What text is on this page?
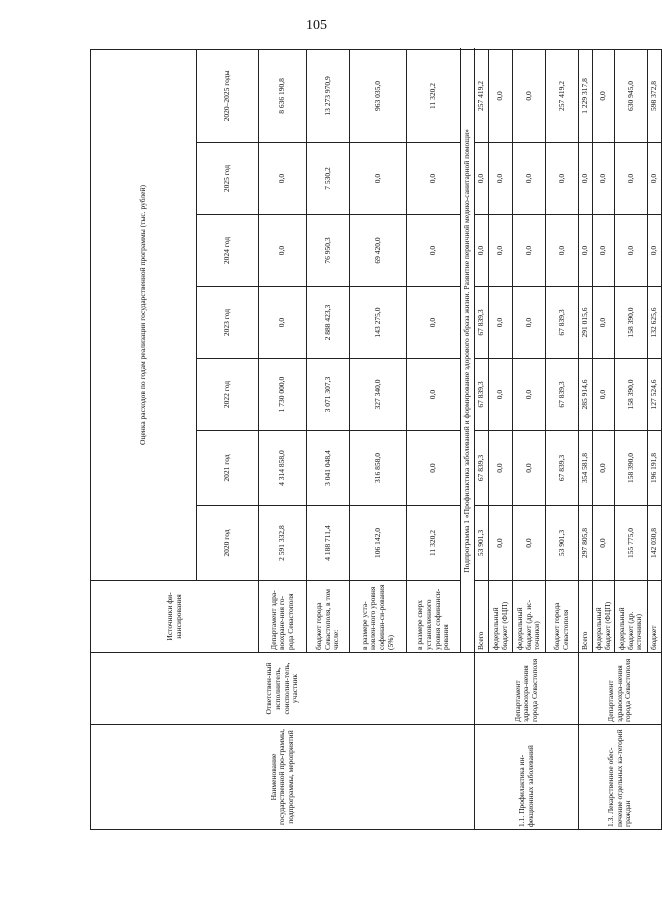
105
Наименование государственной про-граммы, подпрограммы, мероприятий	Ответствен-ный исполнитель, соисполни-тель, участник	Источники фи-нансирования	Оценка расходов по годам реализации государственной программы (тыс. рублей)						
			2020 год	2021 год	2022 год	2023 год	2024 год	2025 год	2020–2025 годы
		Департамент здра-воохране-ния го-рода Севастополя	2 591 332,8	4 314 858,0	1 730 000,0	0,0	0,0	0,0	8 636 190,8
		бюджет города Севастополя, в том числе:	4 188 711,4	3 041 048,4	3 071 307,3	2 888 423,3	76 950,3	7 530,2	13 273 970,9
		в размере уста-новлен-ного уровня софинан-си-рования (5%)	106 142,0	316 858,0	327 340,0	143 275,0	69 420,0	0,0	963 035,0
		в размере сверх установленного уровня софинанси-рования	11 320,2	0,0	0,0	0,0	0,0	0,0	11 320,2
		Подпрограмма 1 «Профилактика заболеваний и формирование здорового образа жизни. Развитие первичной медико-санитарной помощи»							
1.1. Профилактика ин-фекционных заболеваний	Департамент здравоохра-нения города Севастополя	Всего	53 901,3	67 839,3	67 839,3	67 839,3	0,0	0,0	257 419,2
		федеральный бюджет (ФЦП)	0,0	0,0	0,0	0,0	0,0	0,0	0,0
		федеральный бюджет (др. ис-точники)	0,0	0,0	0,0	0,0	0,0	0,0	0,0
		бюджет города Севастополя	53 901,3	67 839,3	67 839,3	67 839,3	0,0	0,0	257 419,2
1.3. Лекарственное обес-печение отдельных ка-тегорий граждан	Департамент здравоохра-нения города Севастополя	Всего	297 805,8	354 581,8	285 914,6	291 015,6	0,0	0,0	1 229 317,8
		федеральный бюджет (ФЦП)	0,0	0,0	0,0	0,0	0,0	0,0	0,0
		федеральный бюджет (др. источники)	155 775,0	158 390,0	158 390,0	158 390,0	0,0	0,0	630 945,0
		бюджет	142 030,8	196 191,8	127 524,6	132 625,6	0,0	0,0	598 372,8
